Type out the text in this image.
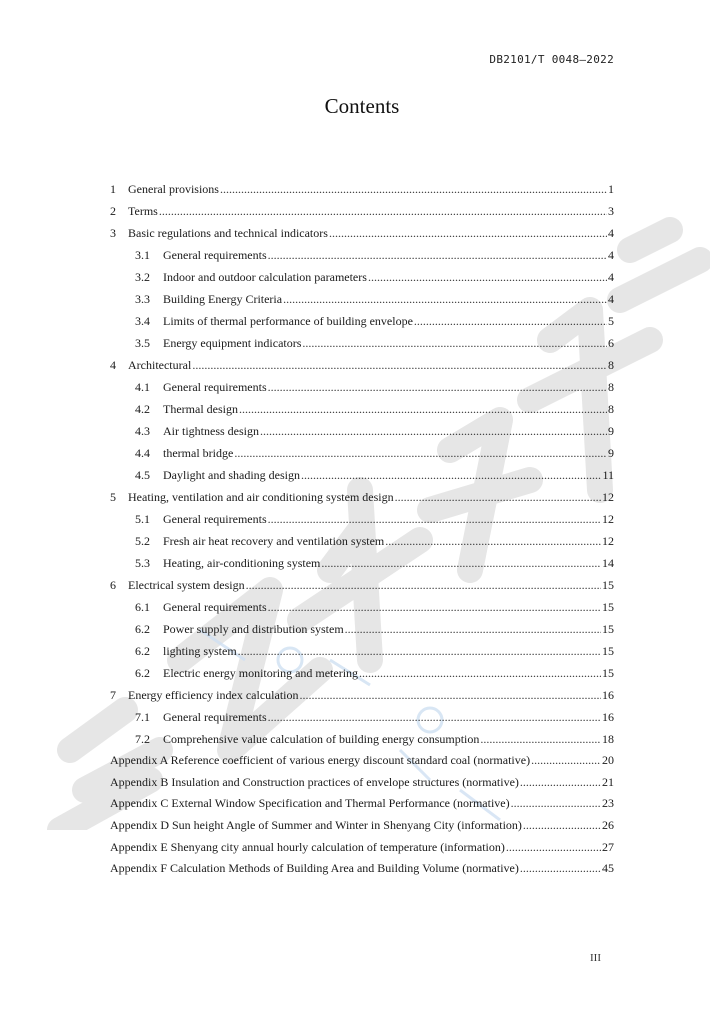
DB2101/T 0048—2022
Contents
1	General provisions .....	1
2	Terms .....	3
3	Basic regulations and technical indicators .....	4
3.1	General requirements .....	4
3.2	Indoor and outdoor calculation parameters .....	4
3.3	Building Energy Criteria .....	4
3.4	Limits of thermal performance of building envelope .....	5
3.5	Energy equipment indicators .....	6
4	Architectural .....	8
4.1	General requirements .....	8
4.2	Thermal design .....	8
4.3	Air tightness design .....	9
4.4	thermal bridge .....	9
4.5	Daylight and shading design .....	11
5	Heating, ventilation and air conditioning system design .....	12
5.1	General requirements .....	12
5.2	Fresh air heat recovery and ventilation system .....	12
5.3	Heating, air-conditioning system .....	14
6	Electrical system design .....	15
6.1	General requirements .....	15
6.2	Power supply and distribution system .....	15
6.2	lighting system .....	15
6.2	Electric energy monitoring and metering .....	15
7	Energy efficiency index calculation .....	16
7.1	General requirements .....	16
7.2	Comprehensive value calculation of building energy consumption .....	18
Appendix A Reference coefficient of various energy discount standard coal (normative) .....	20
Appendix B Insulation and Construction practices of envelope structures (normative) .....	21
Appendix C External Window Specification and Thermal Performance (normative) .....	23
Appendix D Sun height Angle of Summer and Winter in Shenyang City (information) .....	26
Appendix E Shenyang city annual hourly calculation of temperature (information) .....	27
Appendix F Calculation Methods of Building Area and Building Volume (normative) .....	45
III
